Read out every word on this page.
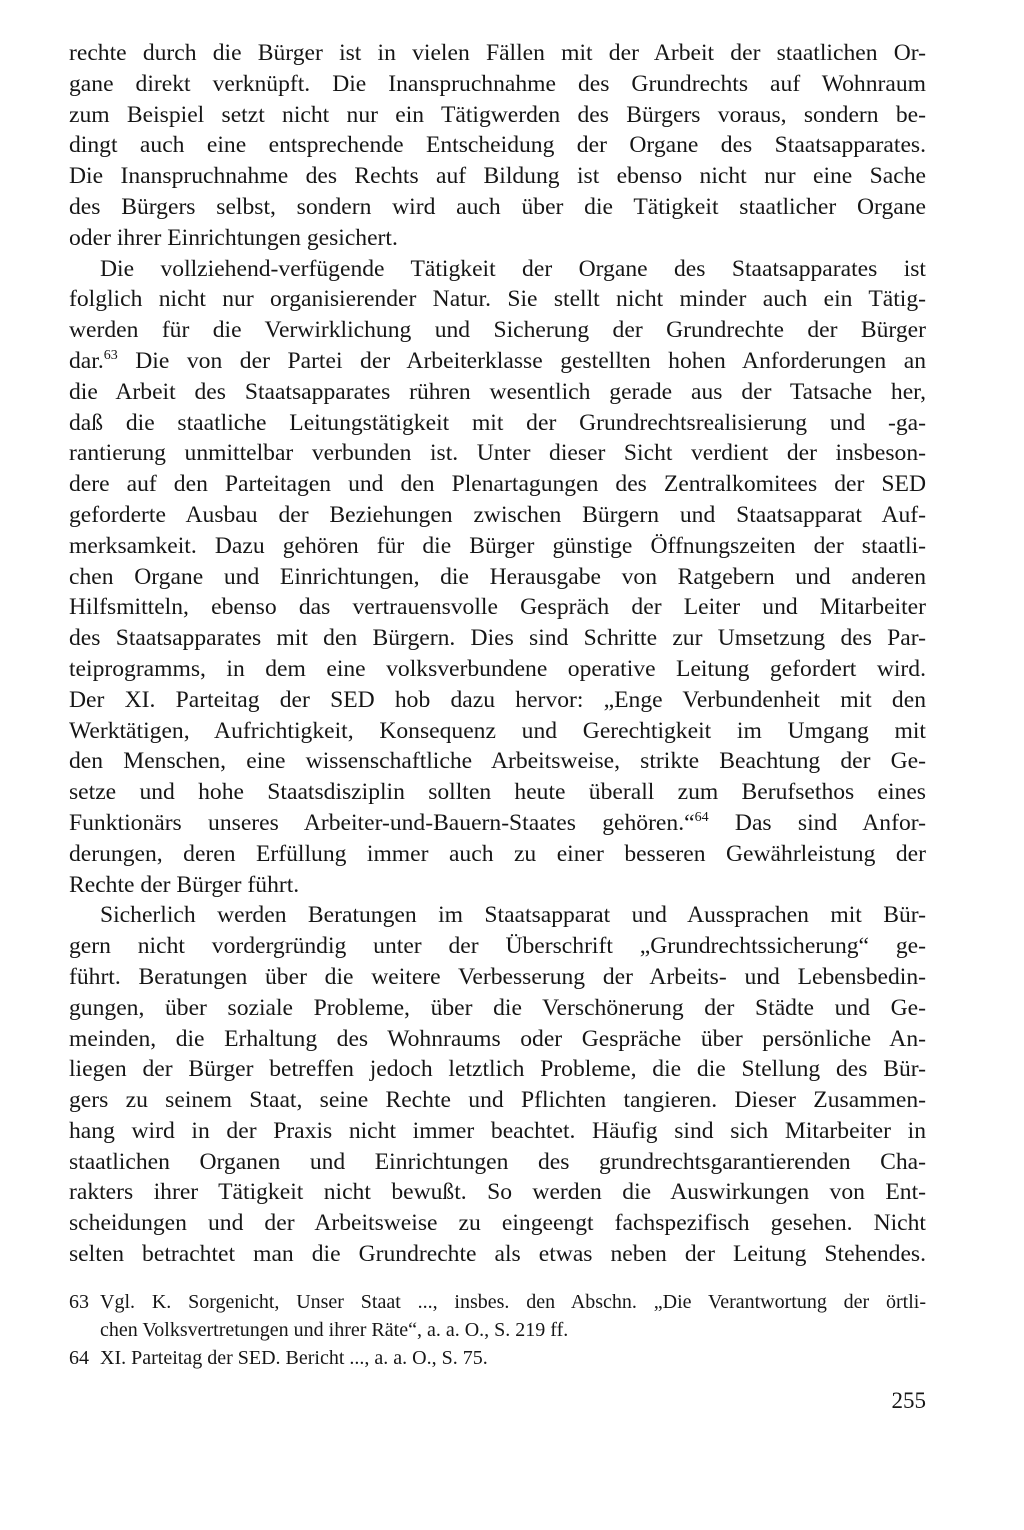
rechte durch die Bürger ist in vielen Fällen mit der Arbeit der staatlichen Or-
gane direkt verknüpft. Die Inanspruchnahme des Grundrechts auf Wohnraum
zum Beispiel setzt nicht nur ein Tätigwerden des Bürgers voraus, sondern be-
dingt auch eine entsprechende Entscheidung der Organe des Staatsapparates.
Die Inanspruchnahme des Rechts auf Bildung ist ebenso nicht nur eine Sache
des Bürgers selbst, sondern wird auch über die Tätigkeit staatlicher Organe
oder ihrer Einrichtungen gesichert.
Die vollziehend-verfügende Tätigkeit der Organe des Staatsapparates ist
folglich nicht nur organisierender Natur. Sie stellt nicht minder auch ein Tätig-
werden für die Verwirklichung und Sicherung der Grundrechte der Bürger
dar.$^{63}$ Die von der Partei der Arbeiterklasse gestellten hohen Anforderungen an
die Arbeit des Staatsapparates rühren wesentlich gerade aus der Tatsache her,
daß die staatliche Leitungstätigkeit mit der Grundrechtsrealisierung und -ga-
rantierung unmittelbar verbunden ist. Unter dieser Sicht verdient der insbeson-
dere auf den Parteitagen und den Plenartagungen des Zentralkomitees der SED
geforderte Ausbau der Beziehungen zwischen Bürgern und Staatsapparat Auf-
merksamkeit. Dazu gehören für die Bürger günstige Öffnungszeiten der staatli-
chen Organe und Einrichtungen, die Herausgabe von Ratgebern und anderen
Hilfsmitteln, ebenso das vertrauensvolle Gespräch der Leiter und Mitarbeiter
des Staatsapparates mit den Bürgern. Dies sind Schritte zur Umsetzung des Par-
teiprogramms, in dem eine volksverbundene operative Leitung gefordert wird.
Der XI. Parteitag der SED hob dazu hervor: „Enge Verbundenheit mit den
Werktätigen, Aufrichtigkeit, Konsequenz und Gerechtigkeit im Umgang mit
den Menschen, eine wissenschaftliche Arbeitsweise, strikte Beachtung der Ge-
setze und hohe Staatsdisziplin sollten heute überall zum Berufsethos eines
Funktionärs unseres Arbeiter-und-Bauern-Staates gehören.“$^{64}$ Das sind Anfor-
derungen, deren Erfüllung immer auch zu einer besseren Gewährleistung der
Rechte der Bürger führt.
Sicherlich werden Beratungen im Staatsapparat und Aussprachen mit Bür-
gern nicht vordergründig unter der Überschrift „Grundrechtssicherung“ ge-
führt. Beratungen über die weitere Verbesserung der Arbeits- und Lebensbedin-
gungen, über soziale Probleme, über die Verschönerung der Städte und Ge-
meinden, die Erhaltung des Wohnraums oder Gespräche über persönliche An-
liegen der Bürger betreffen jedoch letztlich Probleme, die die Stellung des Bür-
gers zu seinem Staat, seine Rechte und Pflichten tangieren. Dieser Zusammen-
hang wird in der Praxis nicht immer beachtet. Häufig sind sich Mitarbeiter in
staatlichen Organen und Einrichtungen des grundrechtsgarantierenden Cha-
rakters ihrer Tätigkeit nicht bewußt. So werden die Auswirkungen von Ent-
scheidungen und der Arbeitsweise zu eingeengt fachspezifisch gesehen. Nicht
selten betrachtet man die Grundrechte als etwas neben der Leitung Stehendes.
63 Vgl. K. Sorgenicht, Unser Staat ..., insbes. den Abschn. „Die Verantwortung der örtli-
chen Volksvertretungen und ihrer Räte“, a. a. O., S. 219 ff.
64 XI. Parteitag der SED. Bericht ..., a. a. O., S. 75.
255
